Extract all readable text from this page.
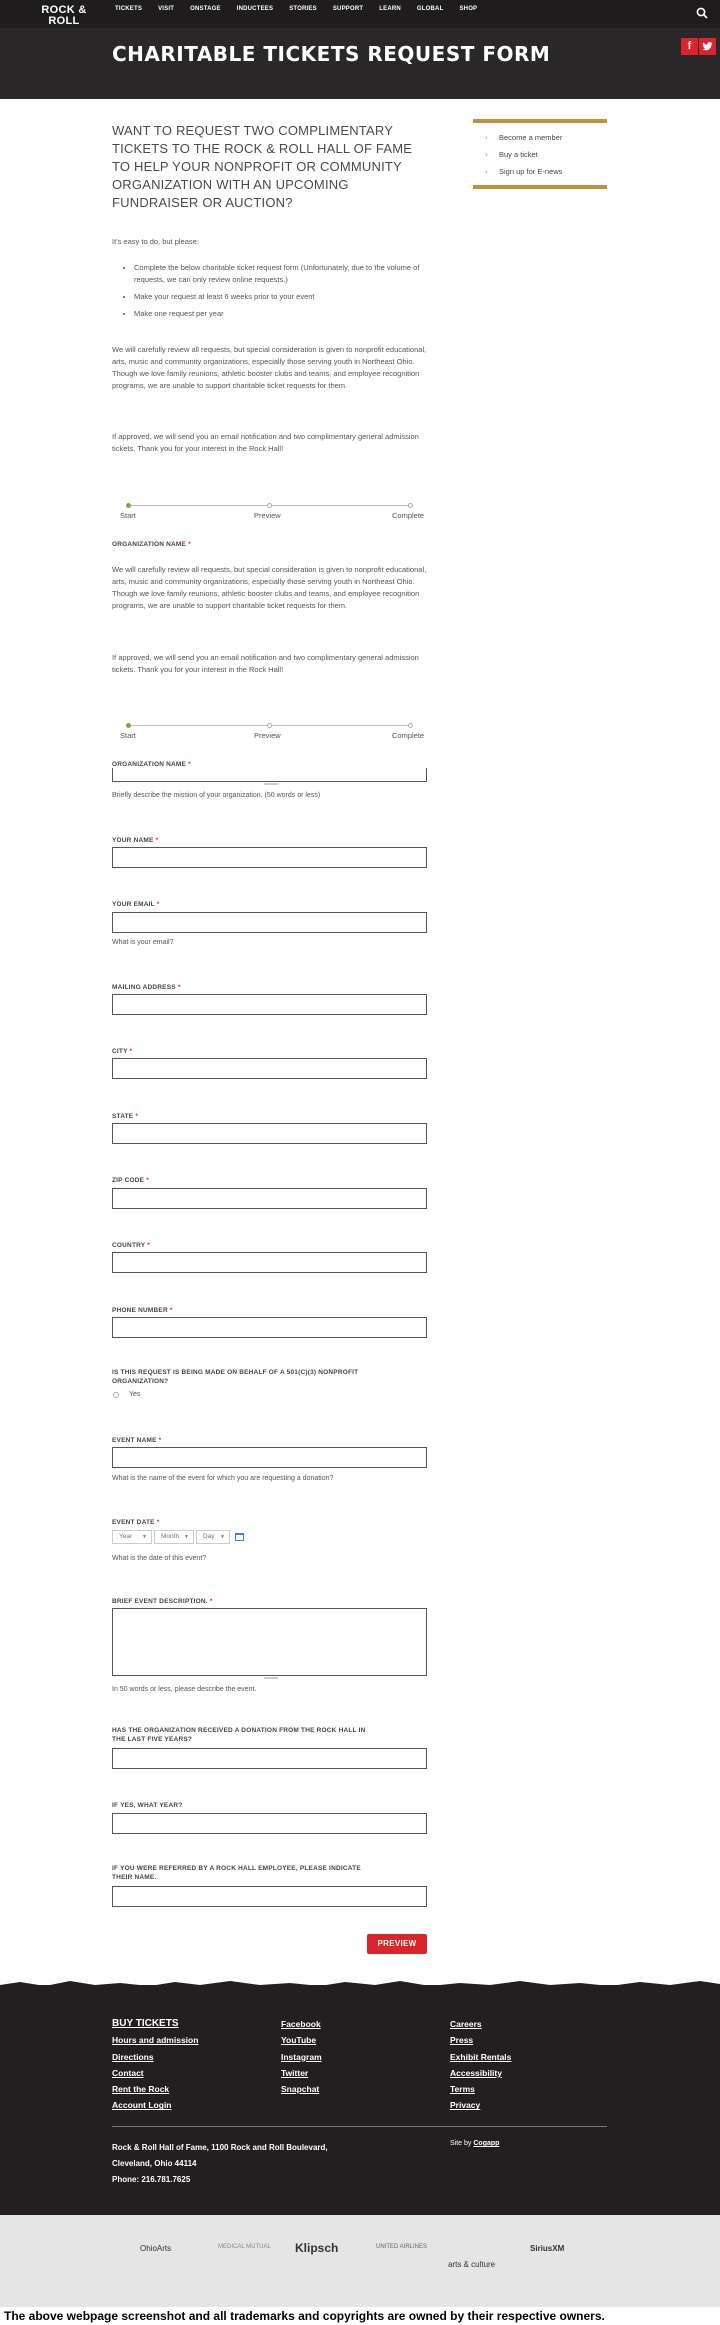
ROCK & ROLL
TICKETS	VISIT	ONSTAGE	INDUCTEES	STORIES	SUPPORT	LEARN	GLOBAL	SHOP
CHARITABLE TICKETS REQUEST FORM	f
WANT TO REQUEST TWO COMPLIMENTARY TICKETS TO THE ROCK & ROLL HALL OF FAME TO HELP YOUR NONPROFIT OR COMMUNITY ORGANIZATION WITH AN UPCOMING FUNDRAISER OR AUCTION?

It's easy to do, but please:

• Complete the below charitable ticket request form (Unfortunately, due to the volume of requests, we can only review online requests.)
• Make your request at least 6 weeks prior to your event
• Make one request per year

We will carefully review all requests, but special consideration is given to nonprofit educational, arts, music and community organizations, especially those serving youth in Northeast Ohio. Though we love family reunions, athletic booster clubs and teams, and employee recognition programs, we are unable to support charitable ticket requests for them.

If approved, we will send you an email notification and two complimentary general admission tickets. Thank you for your interest in the Rock Hall!

›	Become a member
›	Buy a ticket
›	Sign up for E-news
Start	Preview	Complete
ORGANIZATION NAME *

We will carefully review all requests, but special consideration is given to nonprofit educational, arts, music and community organizations, especially those serving youth in Northeast Ohio. Though we love family reunions, athletic booster clubs and teams, and employee recognition programs, we are unable to support charitable ticket requests for them.

If approved, we will send you an email notification and two complimentary general admission tickets. Thank you for your interest in the Rock Hall!

Start	Preview	Complete
ORGANIZATION NAME *
Briefly describe the mission of your organization. (50 words or less)
YOUR NAME *
YOUR EMAIL *
What is your email?
MAILING ADDRESS *
CITY *
STATE *
ZIP CODE *
COUNTRY *
PHONE NUMBER *
IS THIS REQUEST IS BEING MADE ON BEHALF OF A 501(C)(3) NONPROFIT
ORGANIZATION?
Yes
EVENT NAME *
What is the name of the event for which you are requesting a donation?
EVENT DATE *
Year ▼	Month ▼	Day ▼
What is the date of this event?
BRIEF EVENT DESCRIPTION. *
In 50 words or less, please describe the event.
HAS THE ORGANIZATION RECEIVED A DONATION FROM THE ROCK HALL IN
THE LAST FIVE YEARS?
IF YES, WHAT YEAR?
IF YOU WERE REFERRED BY A ROCK HALL EMPLOYEE, PLEASE INDICATE
THEIR NAME.
PREVIEW
BUY TICKETS
Hours and admission
Directions
Contact
Rent the Rock
Account Login
Facebook
YouTube
Instagram
Twitter
Snapchat
Careers
Press
Exhibit Rentals
Accessibility
Terms
Privacy
Rock & Roll Hall of Fame, 1100 Rock and Roll Boulevard,
Cleveland, Ohio 44114
Phone: 216.781.7625
Site by Cogapp
OhioArts	MEDICAL MUTUAL Klipsch	UNITED AIRLINES
arts & culture
SiriusXM
The above webpage screenshot and all trademarks and copyrights are owned by their respective owners.
